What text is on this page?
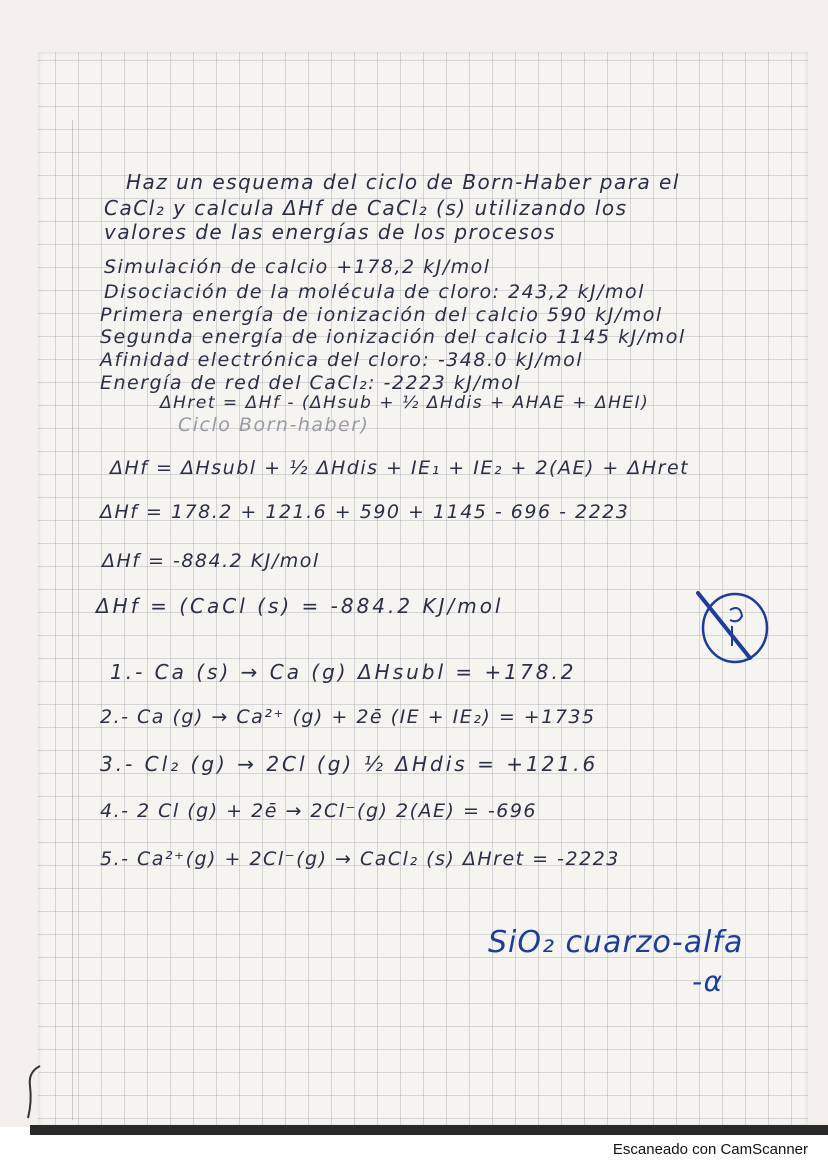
Haz un esquema del ciclo de Born-Haber para el
CaCl₂ y calcula ΔHf de CaCl₂ (s) utilizando los
valores de las energías de los procesos
Simulación de calcio +178,2 kJ/mol
Disociación de la molécula de cloro: 243,2 kJ/mol
Primera energía de ionización del calcio 590 kJ/mol
Segunda energía de ionización del calcio 1145 kJ/mol
Afinidad electrónica del cloro: -348.0 kJ/mol
Energía de red del CaCl₂: -2223 kJ/mol
ΔHret = ΔHf - (ΔHsub + ½ ΔHdis + AHAE + ΔHEI)
Ciclo Born-haber)
ΔHf = ΔHsubl + ½ ΔHdis + IE₁ + IE₂ + 2(AE) + ΔHret
ΔHf = 178.2 + 121.6 + 590 + 1145 - 696 - 2223
ΔHf = -884.2 KJ/mol
ΔHf = (CaCl (s) = -884.2 KJ/mol
1.- Ca (s) → Ca (g) ΔHsubl = +178.2
2.- Ca (g) → Ca²⁺ (g) + 2ē (IE + IE₂) = +1735
3.- Cl₂ (g) → 2Cl (g) ½ ΔHdis = +121.6
4.- 2 Cl (g) + 2ē → 2Cl⁻(g) 2(AE) = -696
5.- Ca²⁺(g) + 2Cl⁻(g) → CaCl₂ (s) ΔHret = -2223
SiO₂ cuarzo-alfa
-α
Escaneado con CamScanner
